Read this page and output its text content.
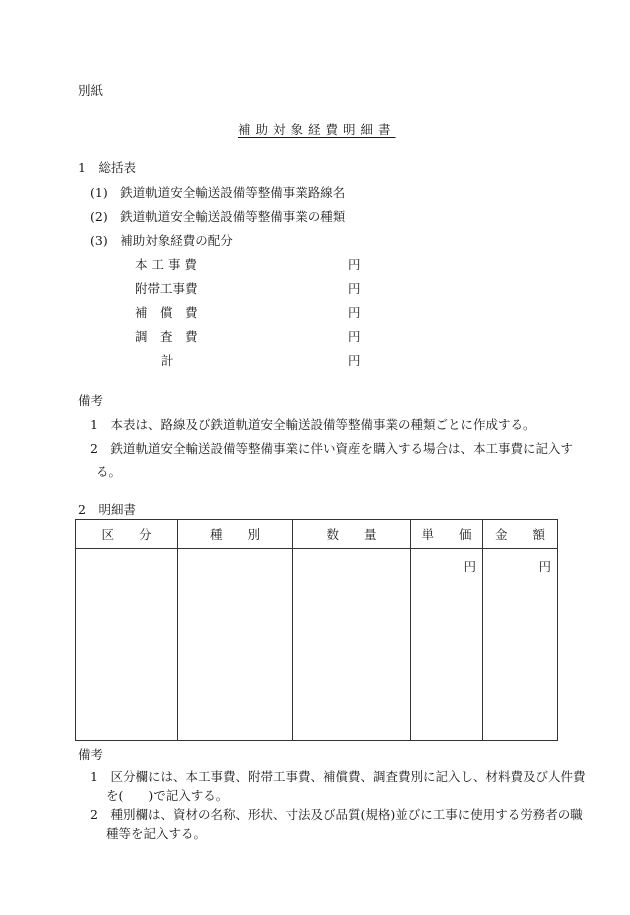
別紙
補助対象経費明細書
1　総括表
(1)　鉄道軌道安全輸送設備等整備事業路線名
(2)　鉄道軌道安全輸送設備等整備事業の種類
(3)　補助対象経費の配分
本 工 事 費	円
附帯工事費	円
補　償　費	円
調　査　費	円
計	円
備考
1　本表は、路線及び鉄道軌道安全輸送設備等整備事業の種類ごとに作成する。
2　鉄道軌道安全輸送設備等整備事業に伴い資産を購入する場合は、本工事費に記入す
る。
2　明細書
区　　分	種　　別	数　　量	単　　価	金　　額
			円	円
備考
1　区分欄には、本工事費、附帯工事費、補償費、調査費別に記入し、材料費及び人件費
を(　　)で記入する。
2　種別欄は、資材の名称、形状、寸法及び品質(規格)並びに工事に使用する労務者の職
種等を記入する。
